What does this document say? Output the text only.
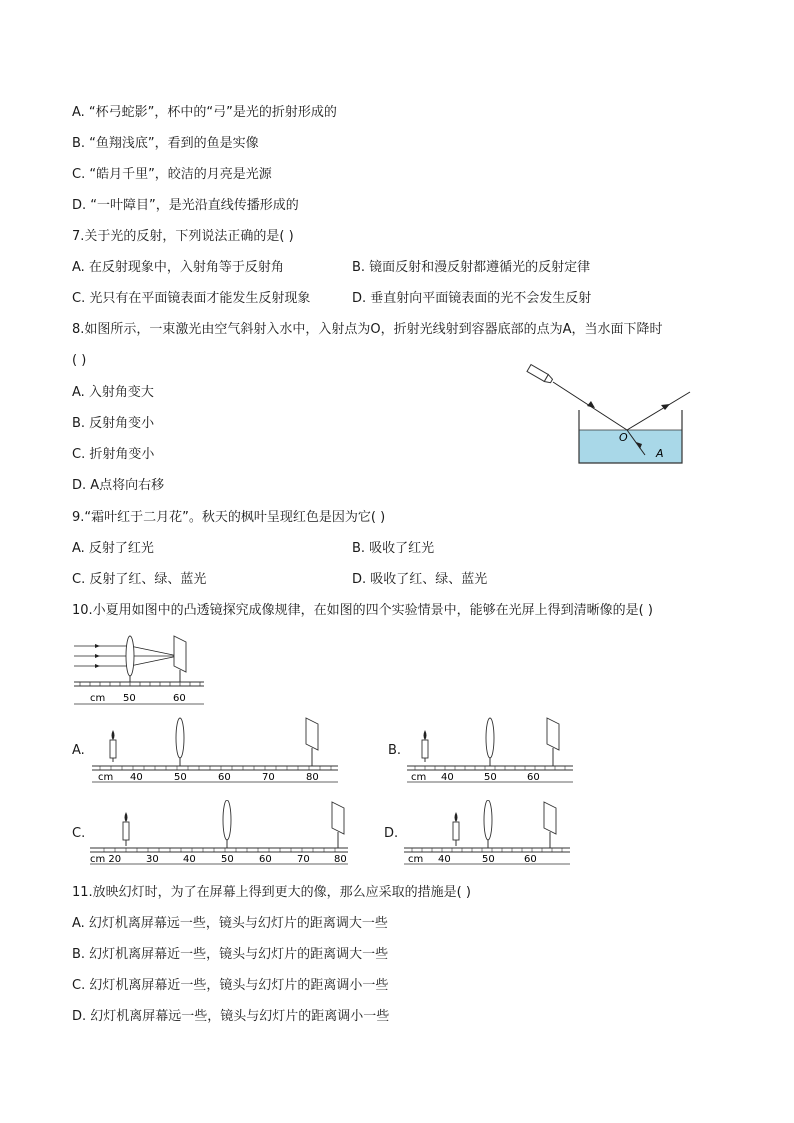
A. “杯弓蛇影”，杯中的“弓”是光的折射形成的
B. “鱼翔浅底”，看到的鱼是实像
C. “皓月千里”，皎洁的月亮是光源
D. “一叶障目”，是光沿直线传播形成的
7.关于光的反射，下列说法正确的是( )
A. 在反射现象中，入射角等于反射角	B. 镜面反射和漫反射都遵循光的反射定律
C. 光只有在平面镜表面才能发生反射现象	D. 垂直射向平面镜表面的光不会发生反射
8.如图所示，一束激光由空气斜射入水中，入射点为O，折射光线射到容器底部的点为A，当水面下降时
( )
A. 入射角变大
B. 反射角变小
C. 折射角变小
D. A点将向右移
O
A
9.“霜叶红于二月花”。秋天的枫叶呈现红色是因为它( )
A. 反射了红光	B. 吸收了红光
C. 反射了红、绿、蓝光	D. 吸收了红、绿、蓝光
10.小夏用如图中的凸透镜探究成像规律，在如图的四个实验情景中，能够在光屏上得到清晰像的是( )
cm 50	60
A.
cm 40	50	60	70	80
B.
cm 40	50	60
C.
cm 20 30 40	50	60	70 80
D.
cm 40	50	60
11.放映幻灯时，为了在屏幕上得到更大的像，那么应采取的措施是( )
A. 幻灯机离屏幕远一些，镜头与幻灯片的距离调大一些
B. 幻灯机离屏幕近一些，镜头与幻灯片的距离调大一些
C. 幻灯机离屏幕近一些，镜头与幻灯片的距离调小一些
D. 幻灯机离屏幕远一些，镜头与幻灯片的距离调小一些
